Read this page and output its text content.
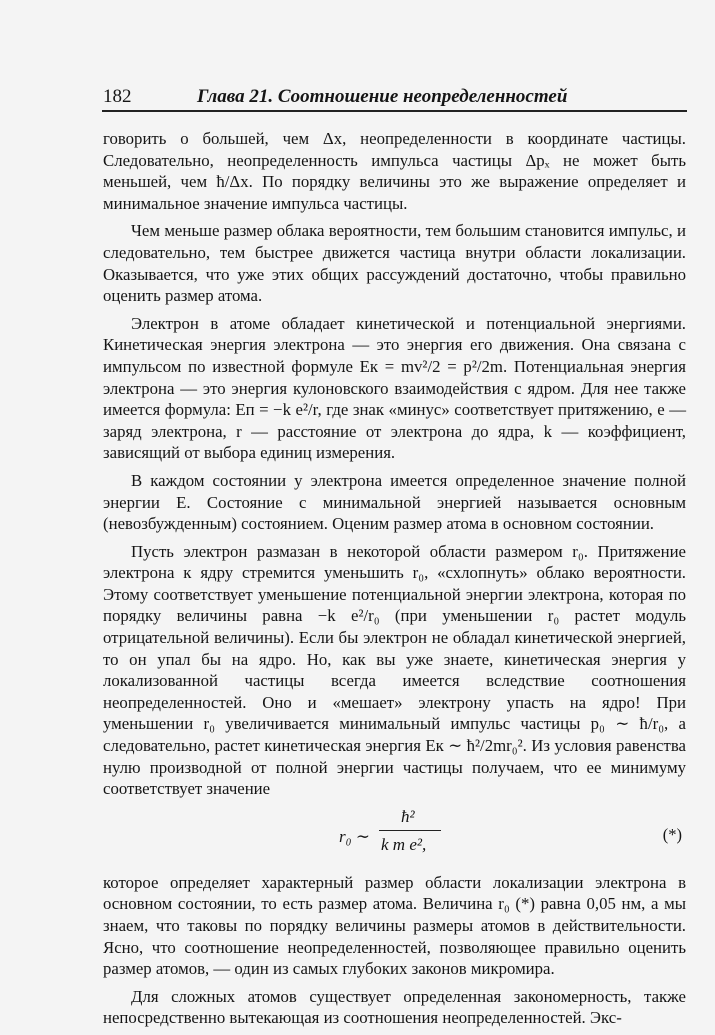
182	Глава 21. Соотношение неопределенностей

говорить о большей, чем Δx, неопределенности в координате частицы. Следовательно, неопределенность импульса частицы Δpₓ не может быть меньшей, чем ħ/Δx. По порядку величины это же выражение определяет и минимальное значение импульса частицы.

Чем меньше размер облака вероятности, тем большим становится импульс, и следовательно, тем быстрее движется частица внутри области локализации. Оказывается, что уже этих общих рассуждений достаточно, чтобы правильно оценить размер атома.

Электрон в атоме обладает кинетической и потенциальной энергиями. Кинетическая энергия электрона — это энергия его движения. Она связана с импульсом по известной формуле Eк = mv²/2 = p²/2m. Потенциальная энергия электрона — это энергия кулоновского взаимодействия с ядром. Для нее также имеется формула: Eп = −k e²/r, где знак «минус» соответствует притяжению, e — заряд электрона, r — расстояние от электрона до ядра, k — коэффициент, зависящий от выбора единиц измерения.

В каждом состоянии у электрона имеется определенное значение полной энергии E. Состояние с минимальной энергией называется основным (невозбужденным) состоянием. Оценим размер атома в основном состоянии.

Пусть электрон размазан в некоторой области размером r₀. Притяжение электрона к ядру стремится уменьшить r₀, «схлопнуть» облако вероятности. Этому соответствует уменьшение потенциальной энергии электрона, которая по порядку величины равна −k e²/r₀ (при уменьшении r₀ растет модуль отрицательной величины). Если бы электрон не обладал кинетической энергией, то он упал бы на ядро. Но, как вы уже знаете, кинетическая энергия у локализованной частицы всегда имеется вследствие соотношения неопределенностей. Оно и «мешает» электрону упасть на ядро! При уменьшении r₀ увеличивается минимальный импульс частицы p₀ ∼ ħ/r₀, а следовательно, растет кинетическая энергия Eк ∼ ħ²/2mr₀². Из условия равенства нулю производной от полной энергии частицы получаем, что ее минимуму соответствует значение

r₀ ∼
ħ²
k m e²,
(*)

которое определяет характерный размер области локализации электрона в основном состоянии, то есть размер атома. Величина r₀ (*) равна 0,05 нм, а мы знаем, что таковы по порядку величины размеры атомов в действительности. Ясно, что соотношение неопределенностей, позволяющее правильно оценить размер атомов, — один из самых глубоких законов микромира.

Для сложных атомов существует определенная закономерность, также непосредственно вытекающая из соотношения неопределенностей. Экс-
